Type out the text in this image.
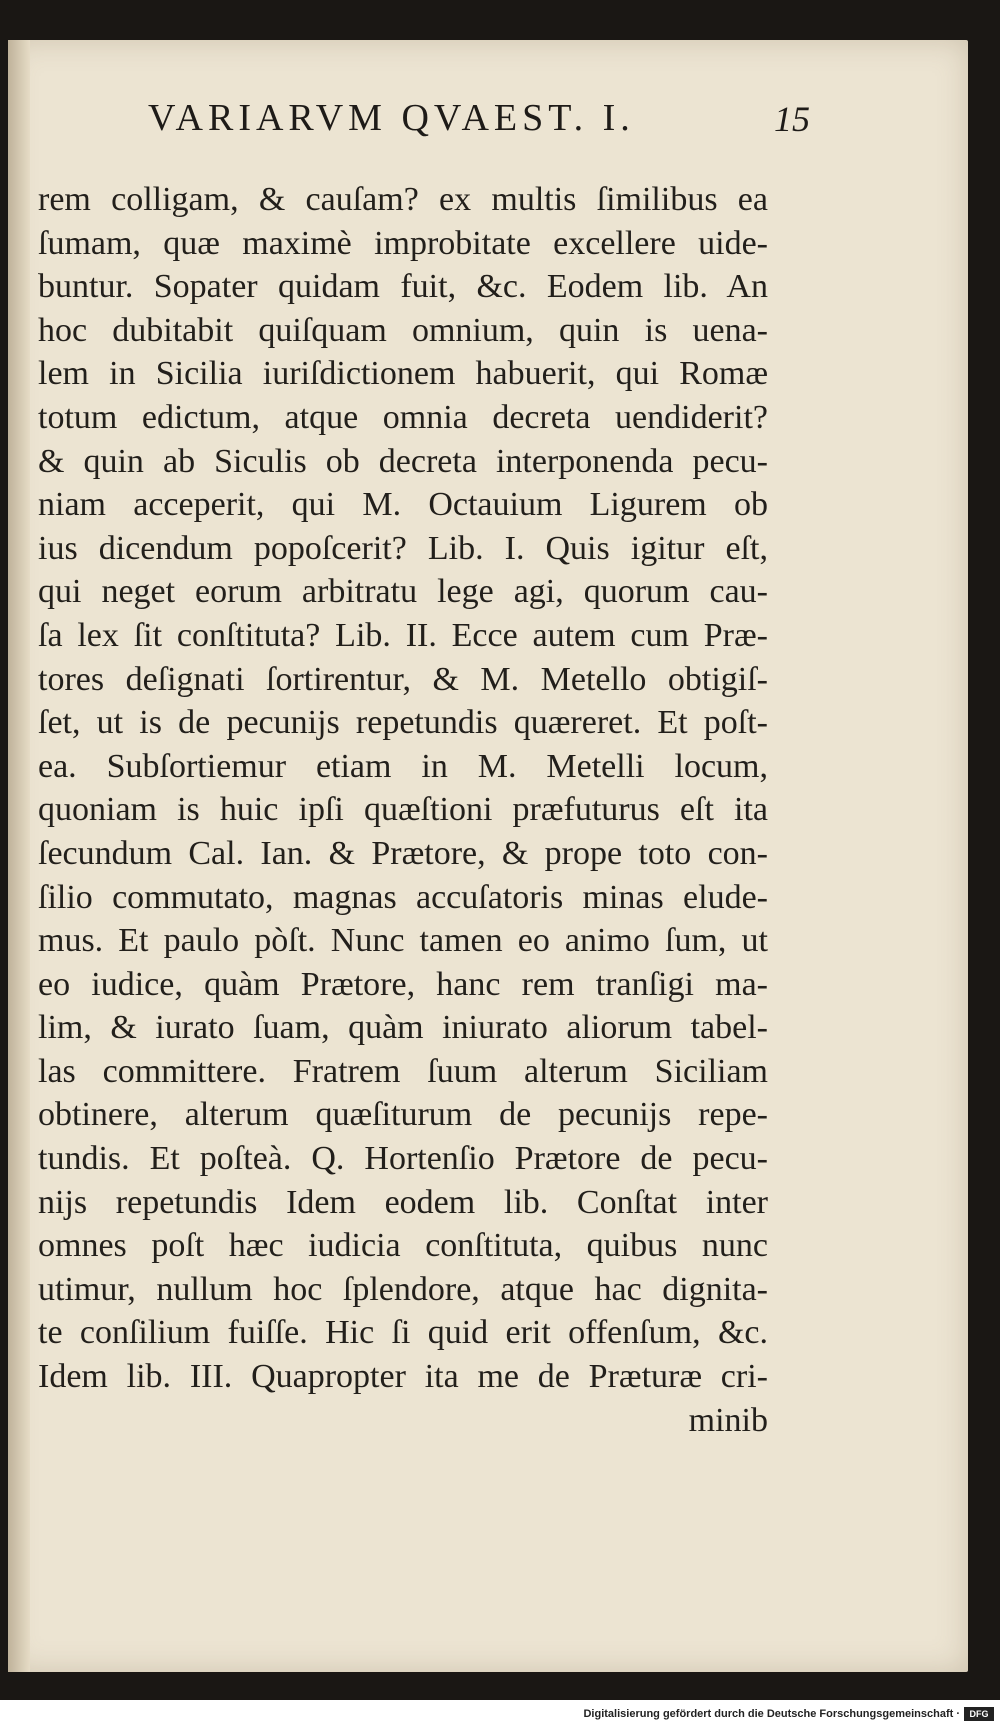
VARIARVM QVAEST. I.	15
rem colligam, & cauſam? ex multis ſimilibus ea
ſumam, quæ maximè improbitate excellere uide-
buntur. Sopater quidam fuit, &c. Eodem lib. An
hoc dubitabit quiſquam omnium, quin is uena-
lem in Sicilia iuriſdictionem habuerit, qui Romæ
totum edictum, atque omnia decreta uendiderit?
& quin ab Siculis ob decreta interponenda pecu-
niam acceperit, qui M. Octauium Ligurem ob
ius dicendum popoſcerit? Lib. I. Quis igitur eſt,
qui neget eorum arbitratu lege agi, quorum cau-
ſa lex ſit conſtituta? Lib. II. Ecce autem cum Præ-
tores deſignati ſortirentur, & M. Metello obtigiſ-
ſet, ut is de pecunijs repetundis quæreret. Et poſt-
ea. Subſortiemur etiam in M. Metelli locum,
quoniam is huic ipſi quæſtioni præfuturus eſt ita
ſecundum Cal. Ian. & Prætore, & prope toto con-
ſilio commutato, magnas accuſatoris minas elude-
mus. Et paulo pòſt. Nunc tamen eo animo ſum, ut
eo iudice, quàm Prætore, hanc rem tranſigi ma-
lim, & iurato ſuam, quàm iniurato aliorum tabel-
las committere. Fratrem ſuum alterum Siciliam
obtinere, alterum quæſiturum de pecunijs repe-
tundis. Et poſteà. Q. Hortenſio Prætore de pecu-
nijs repetundis Idem eodem lib. Conſtat inter
omnes poſt hæc iudicia conſtituta, quibus nunc
utimur, nullum hoc ſplendore, atque hac dignita-
te conſilium fuiſſe. Hic ſi quid erit offenſum, &c.
Idem lib. III. Quapropter ita me de Præturæ cri-
minib
Digitalisierung gefördert durch die Deutsche Forschungsgemeinschaft ·	DFG
